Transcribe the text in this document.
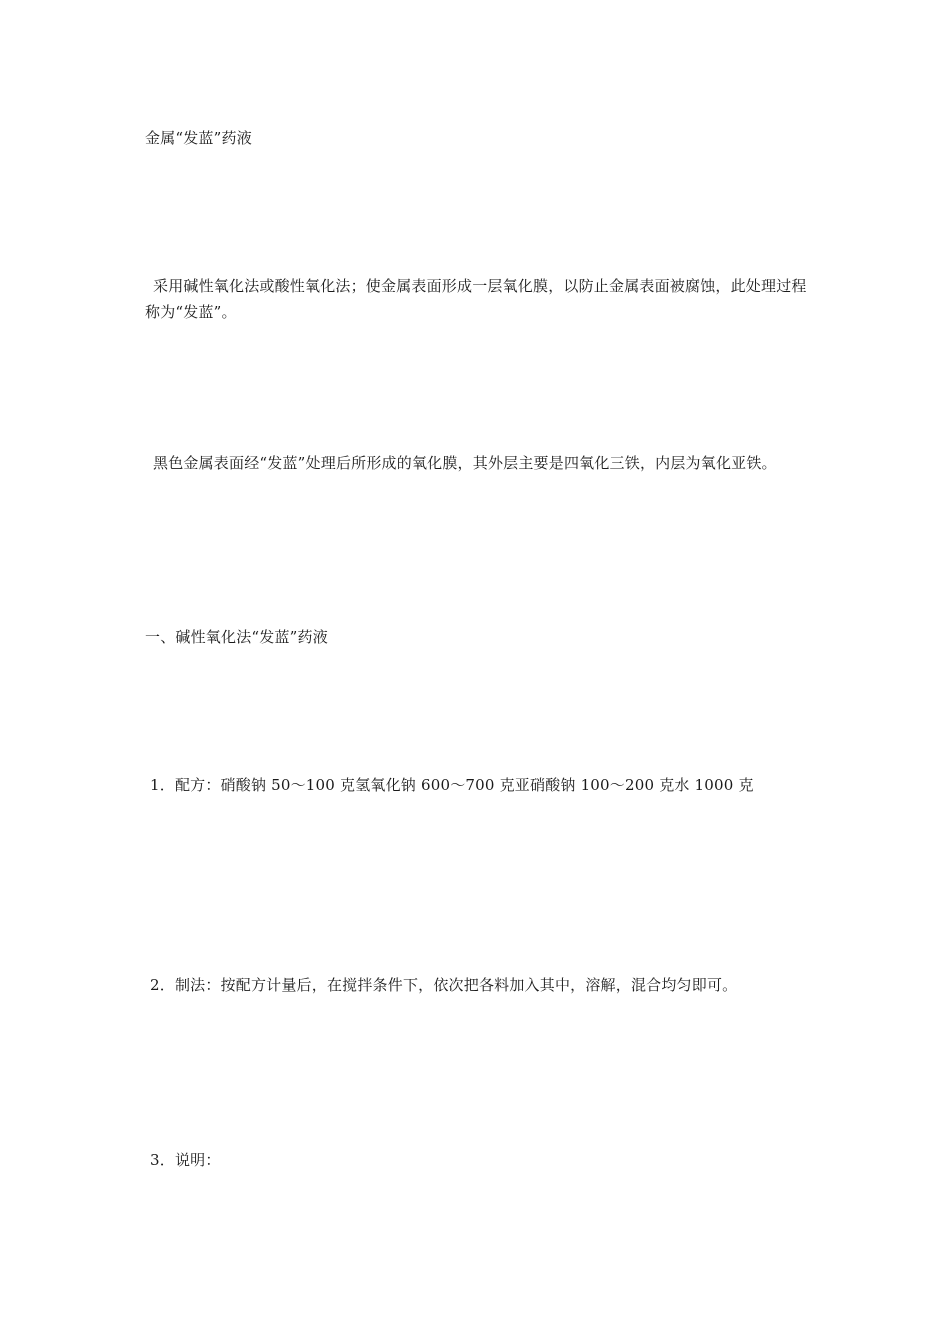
金属“发蓝”药液

采用碱性氧化法或酸性氧化法；使金属表面形成一层氧化膜，以防止金属表面被腐蚀，此处理过程称为“发蓝”。

黑色金属表面经“发蓝”处理后所形成的氧化膜，其外层主要是四氧化三铁，内层为氧化亚铁。

一、碱性氧化法“发蓝”药液

1．配方：硝酸钠 50～100 克氢氧化钠 600～700 克亚硝酸钠 100～200 克水 1000 克

2．制法：按配方计量后，在搅拌条件下，依次把各料加入其中，溶解，混合均匀即可。

3．说明：
